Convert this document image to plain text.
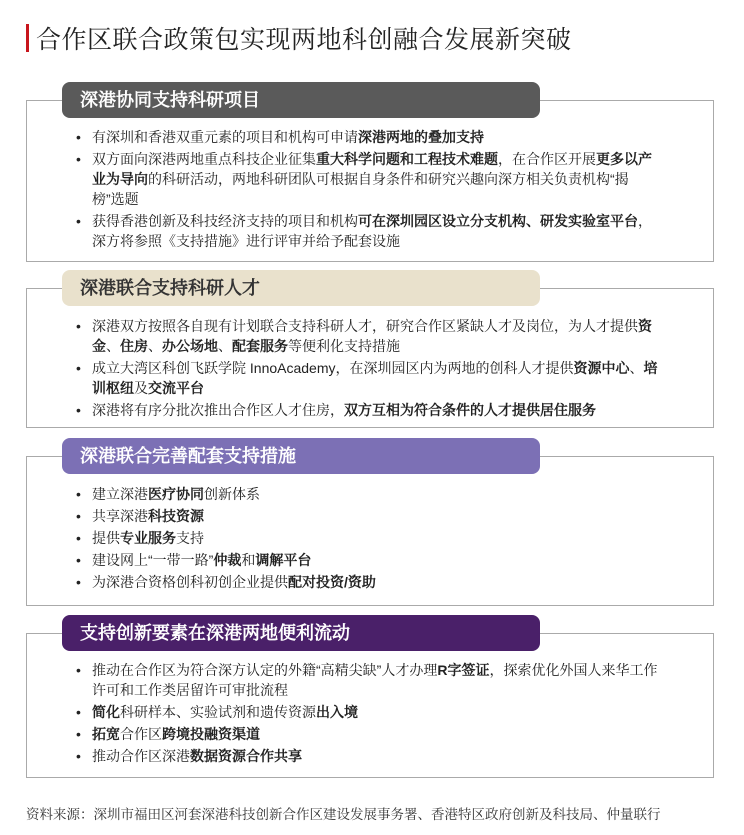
合作区联合政策包实现两地科创融合发展新突破
深港协同支持科研项目
深港联合支持科研人才
深港联合完善配套支持措施
支持创新要素在深港两地便利流动
• 有深圳和香港双重元素的项目和机构可申请深港两地的叠加支持
• 双方面向深港两地重点科技企业征集重大科学问题和工程技术难题，在合作区开展更多以产业为导向的科研活动，两地科研团队可根据自身条件和研究兴趣向深方相关负责机构“揭榜”选题
• 获得香港创新及科技经济支持的项目和机构可在深圳园区设立分支机构、研发实验室平台，深方将参照《支持措施》进行评审并给予配套设施
• 深港双方按照各自现有计划联合支持科研人才，研究合作区紧缺人才及岗位，为人才提供资金、住房、办公场地、配套服务等便利化支持措施
• 成立大湾区科创飞跃学院 InnoAcademy，在深圳园区内为两地的创科人才提供资源中心、培训枢纽及交流平台
• 深港将有序分批次推出合作区人才住房，双方互相为符合条件的人才提供居住服务
• 建立深港医疗协同创新体系
• 共享深港科技资源
• 提供专业服务支持
• 建设网上“一带一路”仲裁和调解平台
• 为深港合资格创科初创企业提供配对投资/资助
• 推动在合作区为符合深方认定的外籍“高精尖缺”人才办理R字签证，探索优化外国人来华工作许可和工作类居留许可审批流程
• 简化科研样本、实验试剂和遗传资源出入境
• 拓宽合作区跨境投融资渠道
• 推动合作区深港数据资源合作共享
资料来源：深圳市福田区河套深港科技创新合作区建设发展事务署、香港特区政府创新及科技局、仲量联行
